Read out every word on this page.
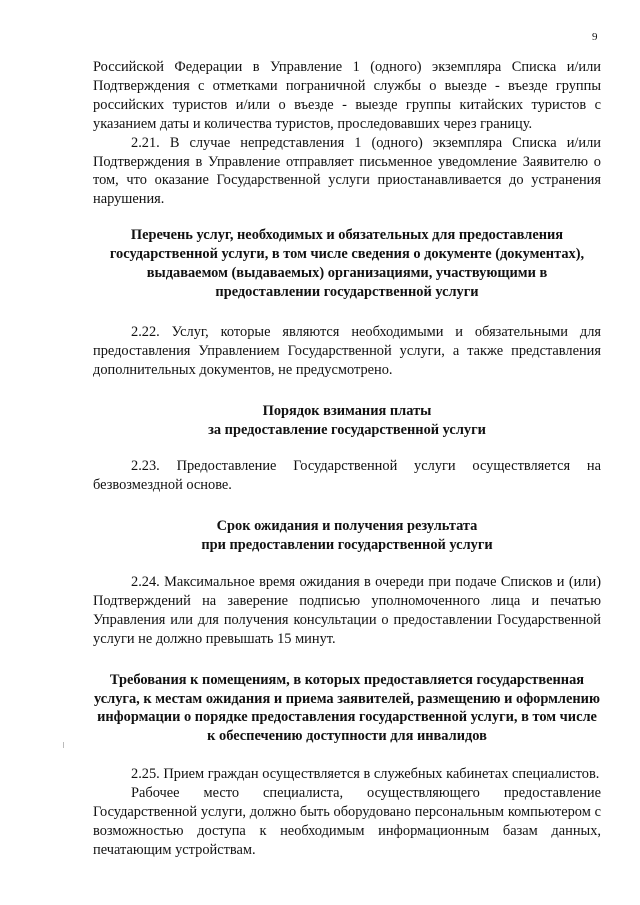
9

Российской Федерации в Управление 1 (одного) экземпляра Списка и/или Подтверждения с отметками пограничной службы о выезде - въезде группы российских туристов и/или о въезде - выезде группы китайских туристов с указанием даты и количества туристов, проследовавших через границу.

2.21. В случае непредставления 1 (одного) экземпляра Списка и/или Подтверждения в Управление отправляет письменное уведомление Заявителю о том, что оказание Государственной услуги приостанавливается до устранения нарушения.

Перечень услуг, необходимых и обязательных для предоставления государственной услуги, в том числе сведения о документе (документах), выдаваемом (выдаваемых) организациями, участвующими в предоставлении государственной услуги

2.22. Услуг, которые являются необходимыми и обязательными для предоставления Управлением Государственной услуги, а также представления дополнительных документов, не предусмотрено.

Порядок взимания платы
за предоставление государственной услуги

2.23. Предоставление Государственной услуги осуществляется на безвозмездной основе.

Срок ожидания и получения результата
при предоставлении государственной услуги

2.24. Максимальное время ожидания в очереди при подаче Списков и (или) Подтверждений на заверение подписью уполномоченного лица и печатью Управления или для получения консультации о предоставлении Государственной услуги не должно превышать 15 минут.

Требования к помещениям, в которых предоставляется государственная услуга, к местам ожидания и приема заявителей, размещению и оформлению информации о порядке предоставления государственной услуги, в том числе к обеспечению доступности для инвалидов

2.25. Прием граждан осуществляется в служебных кабинетах специалистов.

Рабочее место специалиста, осуществляющего предоставление Государственной услуги, должно быть оборудовано персональным компьютером с возможностью доступа к необходимым информационным базам данных, печатающим устройствам.
